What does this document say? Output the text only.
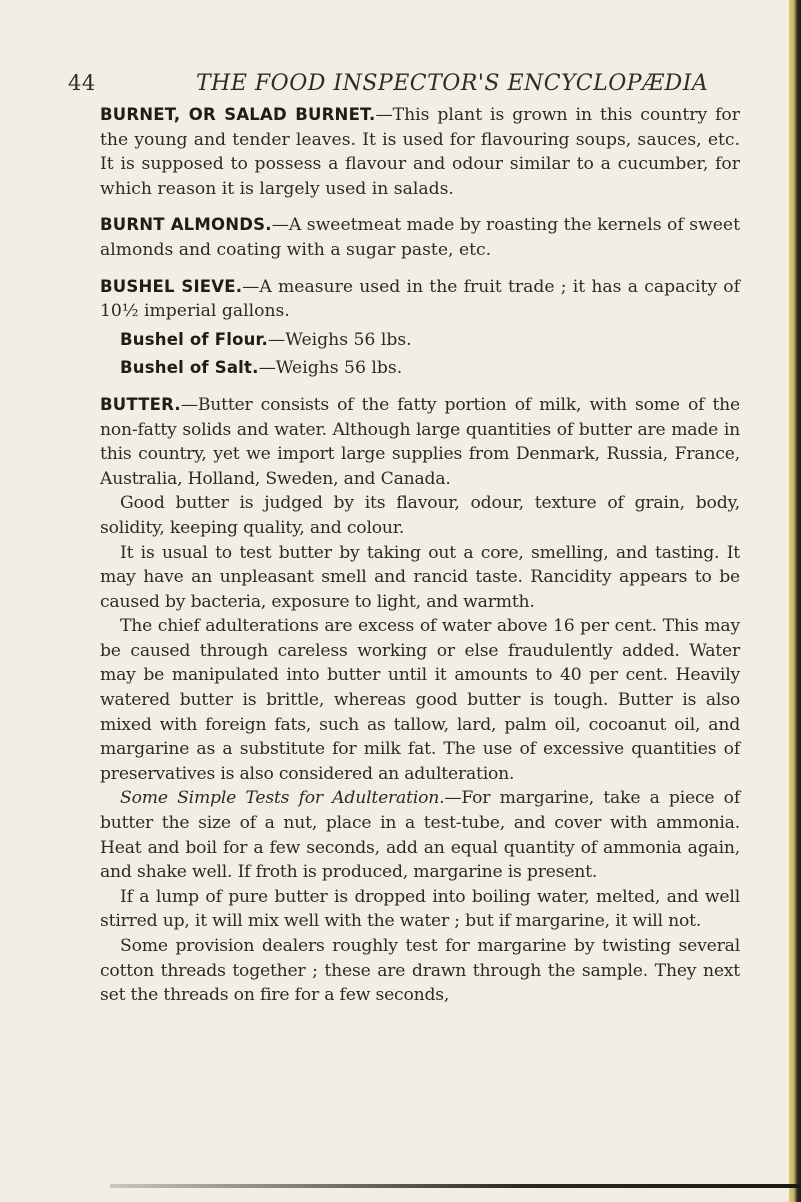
44	THE FOOD INSPECTOR'S ENCYCLOPÆDIA

BURNET, OR SALAD BURNET.—This plant is grown in this country for the young and tender leaves. It is used for flavouring soups, sauces, etc. It is supposed to possess a flavour and odour similar to a cucumber, for which reason it is largely used in salads.

BURNT ALMONDS.—A sweetmeat made by roasting the kernels of sweet almonds and coating with a sugar paste, etc.

BUSHEL SIEVE.—A measure used in the fruit trade ; it has a capacity of 10½ imperial gallons.

Bushel of Flour.—Weighs 56 lbs.

Bushel of Salt.—Weighs 56 lbs.

BUTTER.—Butter consists of the fatty portion of milk, with some of the non-fatty solids and water. Although large quantities of butter are made in this country, yet we import large supplies from Denmark, Russia, France, Australia, Holland, Sweden, and Canada.

Good butter is judged by its flavour, odour, texture of grain, body, solidity, keeping quality, and colour.

It is usual to test butter by taking out a core, smelling, and tasting. It may have an unpleasant smell and rancid taste. Rancidity appears to be caused by bacteria, exposure to light, and warmth.

The chief adulterations are excess of water above 16 per cent. This may be caused through careless working or else fraudulently added. Water may be manipulated into butter until it amounts to 40 per cent. Heavily watered butter is brittle, whereas good butter is tough. Butter is also mixed with foreign fats, such as tallow, lard, palm oil, cocoanut oil, and margarine as a substitute for milk fat. The use of excessive quantities of preservatives is also considered an adulteration.

Some Simple Tests for Adulteration.—For margarine, take a piece of butter the size of a nut, place in a test-tube, and cover with ammonia. Heat and boil for a few seconds, add an equal quantity of ammonia again, and shake well. If froth is produced, margarine is present.

If a lump of pure butter is dropped into boiling water, melted, and well stirred up, it will mix well with the water ; but if margarine, it will not.

Some provision dealers roughly test for margarine by twisting several cotton threads together ; these are drawn through the sample. They next set the threads on fire for a few seconds,
